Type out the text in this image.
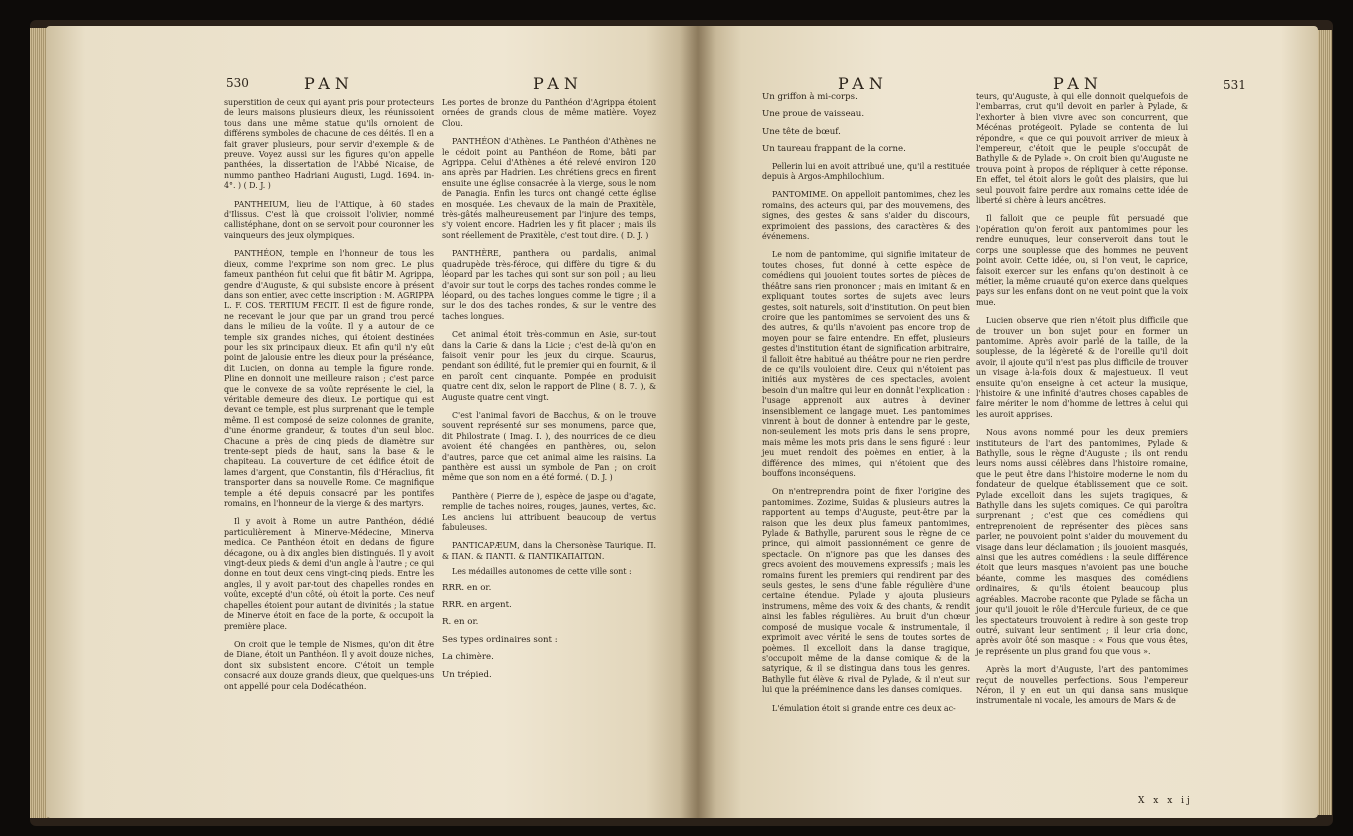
530	PAN	PAN

superstition de ceux qui ayant pris pour protecteurs de leurs maisons plusieurs dieux, les réunissoient tous dans une même statue qu'ils ornoient de différens symboles de chacune de ces déités. Il en a fait graver plusieurs, pour servir d'exemple & de preuve. Voyez aussi sur les figures qu'on appelle panthées, la dissertation de l'Abbé Nicaise, de nummo pantheo Hadriani Augusti, Lugd. 1694. in-4°. ) ( D. J. )

PANTHEIUM, lieu de l'Attique, à 60 stades d'Ilissus. C'est là que croissoit l'olivier, nommé callistéphane, dont on se servoit pour couronner les vainqueurs des jeux olympiques.

PANTHÉON, temple en l'honneur de tous les dieux, comme l'exprime son nom grec. Le plus fameux panthéon fut celui que fit bâtir M. Agrippa, gendre d'Auguste, & qui subsiste encore à présent dans son entier, avec cette inscription : M. AGRIPPA L. F. COS. TERTIUM FECIT. Il est de figure ronde, ne recevant le jour que par un grand trou percé dans le milieu de la voûte. Il y a autour de ce temple six grandes niches, qui étoient destinées pour les six principaux dieux. Et afin qu'il n'y eût point de jalousie entre les dieux pour la préséance, dit Lucien, on donna au temple la figure ronde. Pline en donnoit une meilleure raison ; c'est parce que le convexe de sa voûte représente le ciel, la véritable demeure des dieux. Le portique qui est devant ce temple, est plus surprenant que le temple même. Il est composé de seize colonnes de granite, d'une énorme grandeur, & toutes d'un seul bloc. Chacune a près de cinq pieds de diamètre sur trente-sept pieds de haut, sans la base & le chapiteau. La couverture de cet édifice étoit de lames d'argent, que Constantin, fils d'Héraclius, fit transporter dans sa nouvelle Rome. Ce magnifique temple a été depuis consacré par les pontifes romains, en l'honneur de la vierge & des martyrs.

Il y avoit à Rome un autre Panthéon, dédié particulièrement à Minerve-Médecine, Minerva medica. Ce Panthéon étoit en dedans de figure décagone, ou à dix angles bien distingués. Il y avoit vingt-deux pieds & demi d'un angle à l'autre ; ce qui donne en tout deux cens vingt-cinq pieds. Entre les angles, il y avoit par-tout des chapelles rondes en voûte, excepté d'un côté, où étoit la porte. Ces neuf chapelles étoient pour autant de divinités ; la statue de Minerve étoit en face de la porte, & occupoit la première place.

On croit que le temple de Nismes, qu'on dit être de Diane, étoit un Panthéon. Il y avoit douze niches, dont six subsistent encore. C'étoit un temple consacré aux douze grands dieux, que quelques-uns ont appellé pour cela Dodécathéon.

Les portes de bronze du Panthéon d'Agrippa étoient ornées de grands clous de même matière. Voyez Clou.

PANTHÉON d'Athènes. Le Panthéon d'Athènes ne le cédoit point au Panthéon de Rome, bâti par Agrippa. Celui d'Athènes a été relevé environ 120 ans après par Hadrien. Les chrétiens grecs en firent ensuite une église consacrée à la vierge, sous le nom de Panagia. Enfin les turcs ont changé cette église en mosquée. Les chevaux de la main de Praxitèle, très-gâtés malheureusement par l'injure des temps, s'y voient encore. Hadrien les y fit placer ; mais ils sont réellement de Praxitèle, c'est tout dire. ( D. J. )

PANTHÈRE, panthera ou pardalis, animal quadrupède très-féroce, qui diffère du tigre & du léopard par les taches qui sont sur son poil ; au lieu d'avoir sur tout le corps des taches rondes comme le léopard, ou des taches longues comme le tigre ; il a sur le dos des taches rondes, & sur le ventre des taches longues.

Cet animal étoit très-commun en Asie, sur-tout dans la Carie & dans la Licie ; c'est de-là qu'on en faisoit venir pour les jeux du cirque. Scaurus, pendant son édilité, fut le premier qui en fournit, & il en paroît cent cinquante. Pompée en produisit quatre cent dix, selon le rapport de Pline ( 8. 7. ), & Auguste quatre cent vingt.

C'est l'animal favori de Bacchus, & on le trouve souvent représenté sur ses monumens, parce que, dit Philostrate ( Imag. I. ), des nourrices de ce dieu avoient été changées en panthères, ou, selon d'autres, parce que cet animal aime les raisins. La panthère est aussi un symbole de Pan ; on croit même que son nom en a été formé. ( D. J. )

Panthère ( Pierre de ), espèce de jaspe ou d'agate, remplie de taches noires, rouges, jaunes, vertes, &c. Les anciens lui attribuent beaucoup de vertus fabuleuses.

PANTICAPÆUM, dans la Chersonèse Taurique. Π. & ΠΑΝ. & ΠΑΝΤΙ. & ΠΑΝΤΙΚΑΠΑΙΤΩΝ.

Les médailles autonomes de cette ville sont :

RRR. en or.

RRR. en argent.

R. en or.

Ses types ordinaires sont :

La chimère.

Un trépied.

PAN	PAN	531

Un griffon à mi-corps.

Une proue de vaisseau.

Une tête de bœuf.

Un taureau frappant de la corne.

Pellerin lui en avoit attribué une, qu'il a restituée depuis à Argos-Amphilochium.

PANTOMIME. On appelloit pantomimes, chez les romains, des acteurs qui, par des mouvemens, des signes, des gestes & sans s'aider du discours, exprimoient des passions, des caractères & des événemens.

Le nom de pantomime, qui signifie imitateur de toutes choses, fut donné à cette espèce de comédiens qui jouoient toutes sortes de pièces de théâtre sans rien prononcer ; mais en imitant & en expliquant toutes sortes de sujets avec leurs gestes, soit naturels, soit d'institution. On peut bien croire que les pantomimes se servoient des uns & des autres, & qu'ils n'avoient pas encore trop de moyen pour se faire entendre. En effet, plusieurs gestes d'institution étant de signification arbitraire, il falloit être habitué au théâtre pour ne rien perdre de ce qu'ils vouloient dire. Ceux qui n'étoient pas initiés aux mystères de ces spectacles, avoient besoin d'un maître qui leur en donnât l'explication : l'usage apprenoit aux autres à deviner insensiblement ce langage muet. Les pantomimes vinrent à bout de donner à entendre par le geste, non-seulement les mots pris dans le sens propre, mais même les mots pris dans le sens figuré : leur jeu muet rendoit des poèmes en entier, à la différence des mimes, qui n'étoient que des bouffons inconséquens.

On n'entreprendra point de fixer l'origine des pantomimes. Zozime, Suidas & plusieurs autres la rapportent au temps d'Auguste, peut-être par la raison que les deux plus fameux pantomimes, Pylade & Bathylle, parurent sous le règne de ce prince, qui aimoit passionnément ce genre de spectacle. On n'ignore pas que les danses des grecs avoient des mouvemens expressifs ; mais les romains furent les premiers qui rendirent par des seuls gestes, le sens d'une fable régulière d'une certaine étendue. Pylade y ajouta plusieurs instrumens, même des voix & des chants, & rendit ainsi les fables régulières. Au bruit d'un chœur composé de musique vocale & instrumentale, il exprimoit avec vérité le sens de toutes sortes de poèmes. Il excelloit dans la danse tragique, s'occupoit même de la danse comique & de la satyrique, & il se distingua dans tous les genres. Bathylle fut élève & rival de Pylade, & il n'eut sur lui que la prééminence dans les danses comiques.

L'émulation étoit si grande entre ces deux ac-

teurs, qu'Auguste, à qui elle donnoit quelquefois de l'embarras, crut qu'il devoit en parler à Pylade, & l'exhorter à bien vivre avec son concurrent, que Mécénas protégeoit. Pylade se contenta de lui répondre, « que ce qui pouvoit arriver de mieux à l'empereur, c'étoit que le peuple s'occupât de Bathylle & de Pylade ». On croit bien qu'Auguste ne trouva point à propos de répliquer à cette réponse. En effet, tel étoit alors le goût des plaisirs, que lui seul pouvoit faire perdre aux romains cette idée de liberté si chère à leurs ancêtres.

Il falloit que ce peuple fût persuadé que l'opération qu'on feroit aux pantomimes pour les rendre eunuques, leur conserveroit dans tout le corps une souplesse que des hommes ne peuvent point avoir. Cette idée, ou, si l'on veut, le caprice, faisoit exercer sur les enfans qu'on destinoit à ce métier, la même cruauté qu'on exerce dans quelques pays sur les enfans dont on ne veut point que la voix mue.

Lucien observe que rien n'étoit plus difficile que de trouver un bon sujet pour en former un pantomime. Après avoir parlé de la taille, de la souplesse, de la légèreté & de l'oreille qu'il doit avoir, il ajoute qu'il n'est pas plus difficile de trouver un visage à-la-fois doux & majestueux. Il veut ensuite qu'on enseigne à cet acteur la musique, l'histoire & une infinité d'autres choses capables de faire mériter le nom d'homme de lettres à celui qui les auroit apprises.

Nous avons nommé pour les deux premiers instituteurs de l'art des pantomimes, Pylade & Bathylle, sous le règne d'Auguste ; ils ont rendu leurs noms aussi célèbres dans l'histoire romaine, que le peut être dans l'histoire moderne le nom du fondateur de quelque établissement que ce soit. Pylade excelloit dans les sujets tragiques, & Bathylle dans les sujets comiques. Ce qui paroîtra surprenant ; c'est que ces comédiens qui entreprenoient de représenter des pièces sans parler, ne pouvoient point s'aider du mouvement du visage dans leur déclamation ; ils jouoient masqués, ainsi que les autres comédiens : la seule différence étoit que leurs masques n'avoient pas une bouche béante, comme les masques des comédiens ordinaires, & qu'ils étoient beaucoup plus agréables. Macrobe raconte que Pylade se fâcha un jour qu'il jouoit le rôle d'Hercule furieux, de ce que les spectateurs trouvoient à redire à son geste trop outré, suivant leur sentiment ; il leur cria donc, après avoir ôté son masque : « Fous que vous êtes, je représente un plus grand fou que vous ».

Après la mort d'Auguste, l'art des pantomimes reçut de nouvelles perfections. Sous l'empereur Néron, il y en eut un qui dansa sans musique instrumentale ni vocale, les amours de Mars & de

X x x ij
